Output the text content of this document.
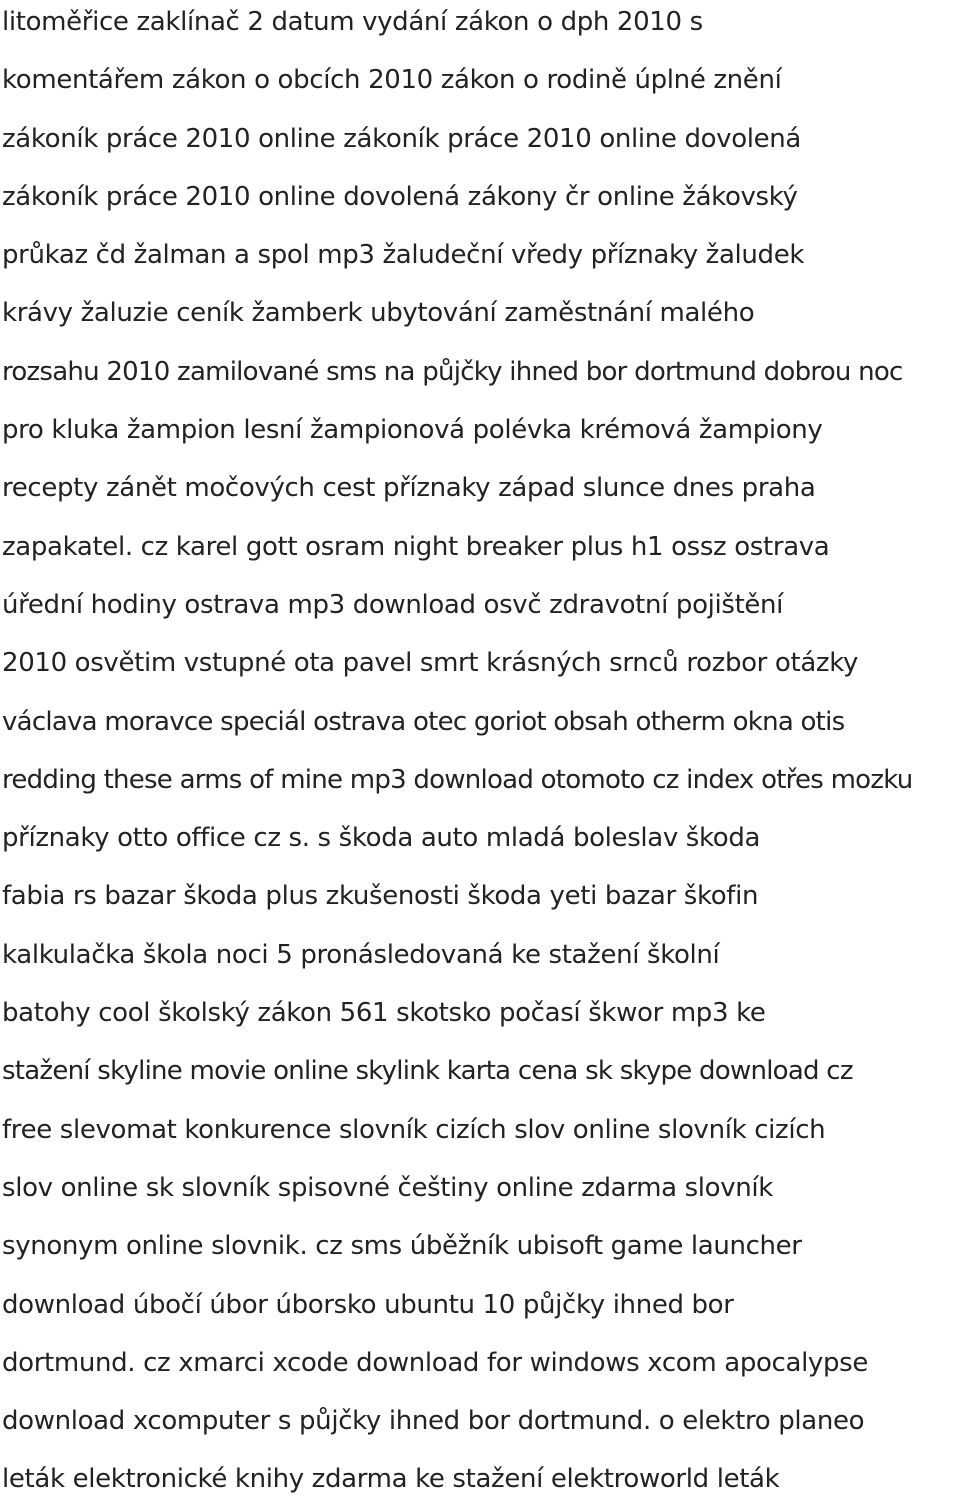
litoměřice zaklínač 2 datum vydání zákon o dph 2010 s
komentářem zákon o obcích 2010 zákon o rodině úplné znění
zákoník práce 2010 online zákoník práce 2010 online dovolená
zákoník práce 2010 online dovolená zákony čr online žákovský
průkaz čd žalman a spol mp3 žaludeční vředy příznaky žaludek
krávy žaluzie ceník žamberk ubytování zaměstnání malého
rozsahu 2010 zamilované sms na půjčky ihned bor dortmund dobrou noc
pro kluka žampion lesní žampionová polévka krémová žampiony
recepty zánět močových cest příznaky západ slunce dnes praha
zapakatel. cz karel gott osram night breaker plus h1 ossz ostrava
úřední hodiny ostrava mp3 download osvč zdravotní pojištění
2010 osvětim vstupné ota pavel smrt krásných srnců rozbor otázky
václava moravce speciál ostrava otec goriot obsah otherm okna otis
redding these arms of mine mp3 download otomoto cz index otřes mozku
příznaky otto office cz s. s škoda auto mladá boleslav škoda
fabia rs bazar škoda plus zkušenosti škoda yeti bazar škofin
kalkulačka škola noci 5 pronásledovaná ke stažení školní
batohy cool školský zákon 561 skotsko počasí škwor mp3 ke
stažení skyline movie online skylink karta cena sk skype download cz
free slevomat konkurence slovník cizích slov online slovník cizích
slov online sk slovník spisovné češtiny online zdarma slovník
synonym online slovnik. cz sms úběžník ubisoft game launcher
download úbočí úbor úborsko ubuntu 10 půjčky ihned bor
dortmund. cz xmarci xcode download for windows xcom apocalypse
download xcomputer s půjčky ihned bor dortmund. o elektro planeo
leták elektronické knihy zdarma ke stažení elektroworld leták
